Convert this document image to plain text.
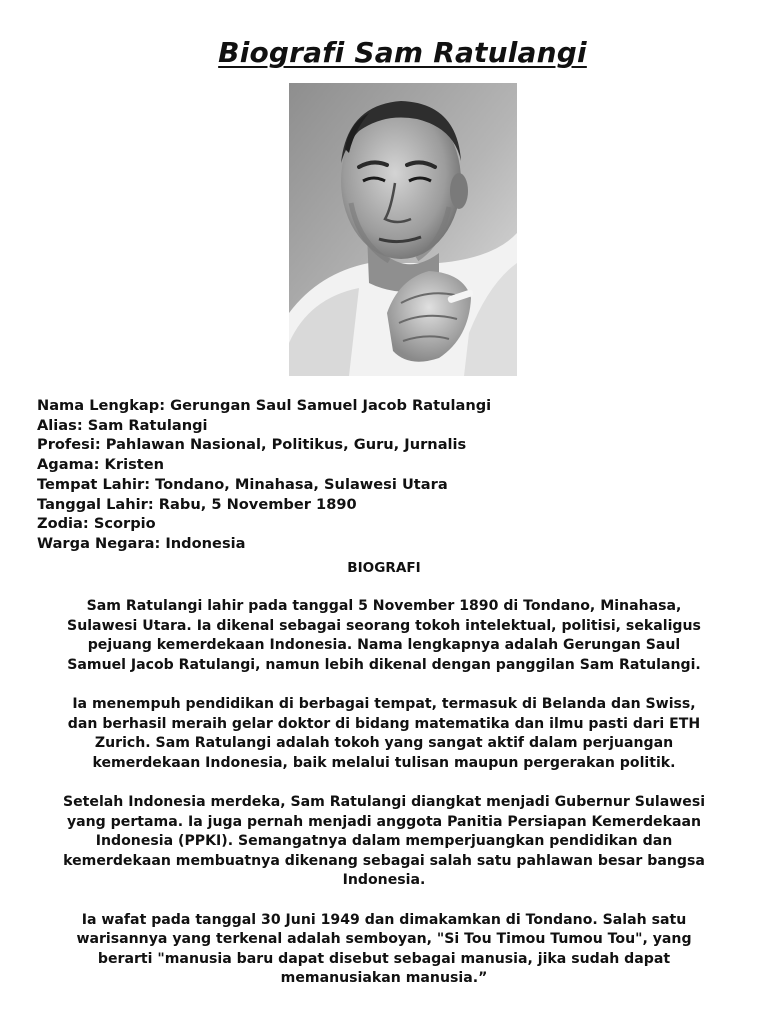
Biografi Sam Ratulangi
Nama Lengkap: Gerungan Saul Samuel Jacob Ratulangi
Alias: Sam Ratulangi
Profesi: Pahlawan Nasional, Politikus, Guru, Jurnalis
Agama: Kristen
Tempat Lahir: Tondano, Minahasa, Sulawesi Utara
Tanggal Lahir: Rabu, 5 November 1890
Zodia: Scorpio
Warga Negara: Indonesia
BIOGRAFI

Sam Ratulangi lahir pada tanggal 5 November 1890 di Tondano, Minahasa, Sulawesi Utara. Ia dikenal sebagai seorang tokoh intelektual, politisi, sekaligus pejuang kemerdekaan Indonesia. Nama lengkapnya adalah Gerungan Saul Samuel Jacob Ratulangi, namun lebih dikenal dengan panggilan Sam Ratulangi.

Ia menempuh pendidikan di berbagai tempat, termasuk di Belanda dan Swiss, dan berhasil meraih gelar doktor di bidang matematika dan ilmu pasti dari ETH Zurich. Sam Ratulangi adalah tokoh yang sangat aktif dalam perjuangan kemerdekaan Indonesia, baik melalui tulisan maupun pergerakan politik.

Setelah Indonesia merdeka, Sam Ratulangi diangkat menjadi Gubernur Sulawesi yang pertama. Ia juga pernah menjadi anggota Panitia Persiapan Kemerdekaan Indonesia (PPKI). Semangatnya dalam memperjuangkan pendidikan dan kemerdekaan membuatnya dikenang sebagai salah satu pahlawan besar bangsa Indonesia.

Ia wafat pada tanggal 30 Juni 1949 dan dimakamkan di Tondano. Salah satu warisannya yang terkenal adalah semboyan, "Si Tou Timou Tumou Tou", yang berarti "manusia baru dapat disebut sebagai manusia, jika sudah dapat memanusiakan manusia.”
